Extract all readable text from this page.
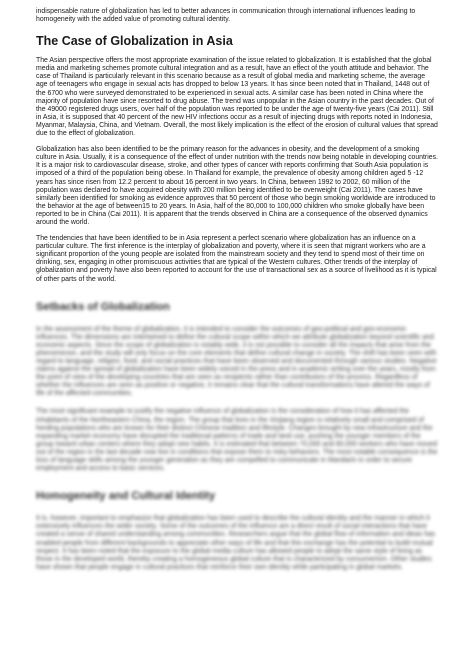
indispensable nature of globalization has led to better advances in communication through international influences leading to homogeneity with the added value of promoting cultural identity.

The Case of Globalization in Asia

The Asian perspective offers the most appropriate examination of the issue related to globalization. It is established that the global media and marketing schemes promote cultural integration and as a result, have an effect of the youth attitude and behavior. The case of Thailand is particularly relevant in this scenario because as a result of global media and marketing scheme, the average age of teenagers who engage in sexual acts has dropped to below 13 years. It has since been noted that in Thailand, 1448 out of the 6700 who were surveyed demonstrated to be experienced in sexual acts. A similar case has been noted in China where the majority of population have since resorted to drug abuse. The trend was unpopular in the Asian country in the past decades. Out of the 49000 registered drugs users, over half of the population was reported to be under the age of twenty-five years (Cai 2011). Still in Asia, it is supposed that 40 percent of the new HIV infections occur as a result of injecting drugs with reports noted in Indonesia, Myanmar, Malaysia, China, and Vietnam. Overall, the most likely implication is the effect of the erosion of cultural values that spread due to the effect of globalization.

Globalization has also been identified to be the primary reason for the advances in obesity, and the development of a smoking culture in Asia. Usually, it is a consequence of the effect of under nutrition with the trends now being notable in developing countries. It is a major risk to cardiovascular disease, stroke, and other types of cancer with reports confirming that South Asia population is imposed of a third of the population being obese. In Thailand for example, the prevalence of obesity among children aged 5 -12 years has since risen from 12.2 percent to about 16 percent in two years. In China, between 1992 to 2002, 60 million of the population was declared to have acquired obesity with 200 million being identified to be overweight (Cai 2011). The cases have similarly been identified for smoking as evidence approves that 50 percent of those who begin smoking worldwide are introduced to the behavior at the age of between15 to 20 years. In Asia, half of the 80,000 to 100,000 children who smoke globally have been reported to be in China (Cai 2011). It is apparent that the trends observed in China are a consequence of the observed dynamics around the world.

The tendencies that have been identified to be in Asia represent a perfect scenario where globalization has an influence on a particular culture. The first inference is the interplay of globalization and poverty, where it is seen that migrant workers who are a significant proportion of the young people are isolated from the mainstream society and they tend to spend most of their time on drinking, sex, engaging in other promiscuous activities that are typical of the Western cultures. Other trends of the interplay of globalization and poverty have also been reported to account for the use of transactional sex as a source of livelihood as it is typical of other parts of the world.

Setbacks of Globalization

In the assessment of the theme of globalization, it is intended to consider the outcomes of geo-political and geo-economic influences. The dimensions are intertwined to define the cultural scope within which we attribute globalization beyond scientific and economic aspects. Since the scope of globalization is notably wide, it is not possible to consider all the impacts that arise from the phenomenon, and the study will only focus on the core elements that define cultural change in society. The shift has been seen with regard to language, religion, food, and social practices that have been observed and documented through various studies. Negative claims against the spread of globalization have been widely voiced in the press and in academic writing over the years, mostly from the point of view of the developing countries that are seen as recipients rather than contributors of the process. Regardless of whether the influences are seen as positive or negative, it remains clear that the cultural transformations have altered the ways of life of the affected communities.

The most significant example to justify the negative influence of globalization is the consideration of how it has affected the inhabitants of the Northeastern China, the region. The group that lives in the Xinjiang region is relatively small and comprised of herding populations who are known for their distinct Chinese tradition and lifestyle. Changes brought by new infrastructure and the expanding market economy have disrupted the traditional patterns of trade and land use, pushing the younger members of the group toward urban centers where they adopt new habits. It is estimated that between 70,000 and 80,000 workers who have moved out of the region in the last decade now live in conditions that expose them to risky behaviors. The most notable consequence is the loss of language skills among the younger generation as they are compelled to communicate in Mandarin in order to secure employment and access to basic services.

Homogeneity and Cultural Identity

It is, however, important to emphasize that globalization has been used to describe the cultural identity and the manner in which it extensively influences the wider society. Some of the outcomes of the influence are a direct result of social interactions that have created a sense of shared understanding among communities. Researchers argue that the global flow of information and ideas has enabled people from different backgrounds to appreciate other ways of life and that this exchange has the potential to build mutual respect. It has been noted that the exposure to the global media culture has allowed people to adopt the same style of living as those in the developed world, thereby creating a homogeneous global culture that is characterized by consumerism. Other studies have shown that people engage in cultural practices that reinforce their own identity while participating in global markets.
